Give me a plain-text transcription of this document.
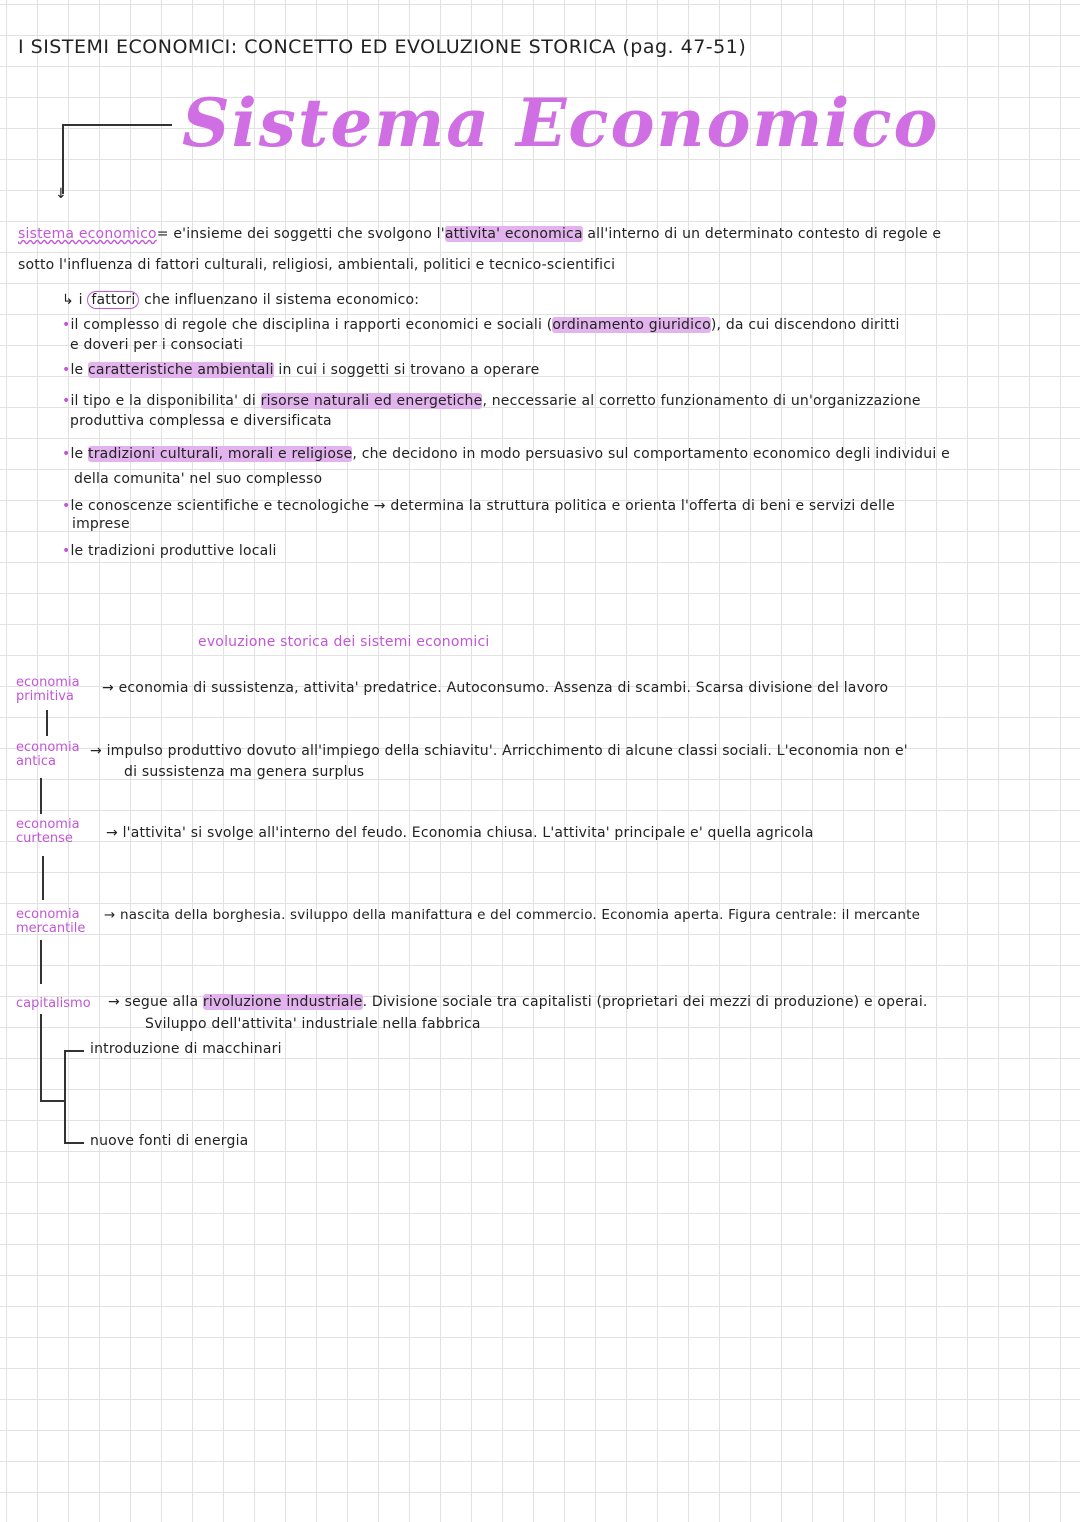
I SISTEMI ECONOMICI: CONCETTO ED EVOLUZIONE STORICA (pag. 47-51)
Sistema Economico
↓
sistema economico= e'insieme dei soggetti che svolgono l'attivita' economica all'interno di un determinato contesto di regole e
sotto l'influenza di fattori culturali, religiosi, ambientali, politici e tecnico-scientifici
↳ i fattori che influenzano il sistema economico:
•il complesso di regole che disciplina i rapporti economici e sociali (ordinamento giuridico), da cui discendono diritti
e doveri per i consociati
•le caratteristiche ambientali in cui i soggetti si trovano a operare
•il tipo e la disponibilita' di risorse naturali ed energetiche, neccessarie al corretto funzionamento di un'organizzazione
produttiva complessa e diversificata
•le tradizioni culturali, morali e religiose, che decidono in modo persuasivo sul comportamento economico degli individui e
della comunita' nel suo complesso
•le conoscenze scientifiche e tecnologiche → determina la struttura politica e orienta l'offerta di beni e servizi delle
imprese
•le tradizioni produttive locali
evoluzione storica dei sistemi economici
economia primitiva
→ economia di sussistenza, attivita' predatrice. Autoconsumo. Assenza di scambi. Scarsa divisione del lavoro
economia antica
→ impulso produttivo dovuto all'impiego della schiavitu'. Arricchimento di alcune classi sociali. L'economia non e'
di sussistenza ma genera surplus
economia curtense	→ l'attivita' si svolge all'interno del feudo. Economia chiusa. L'attivita' principale e' quella agricola
economia mercantile
→ nascita della borghesia. sviluppo della manifattura e del commercio. Economia aperta. Figura centrale: il mercante
capitalismo → segue alla rivoluzione industriale. Divisione sociale tra capitalisti (proprietari dei mezzi di produzione) e operai.
Sviluppo dell'attivita' industriale nella fabbrica
introduzione di macchinari
nuove fonti di energia
